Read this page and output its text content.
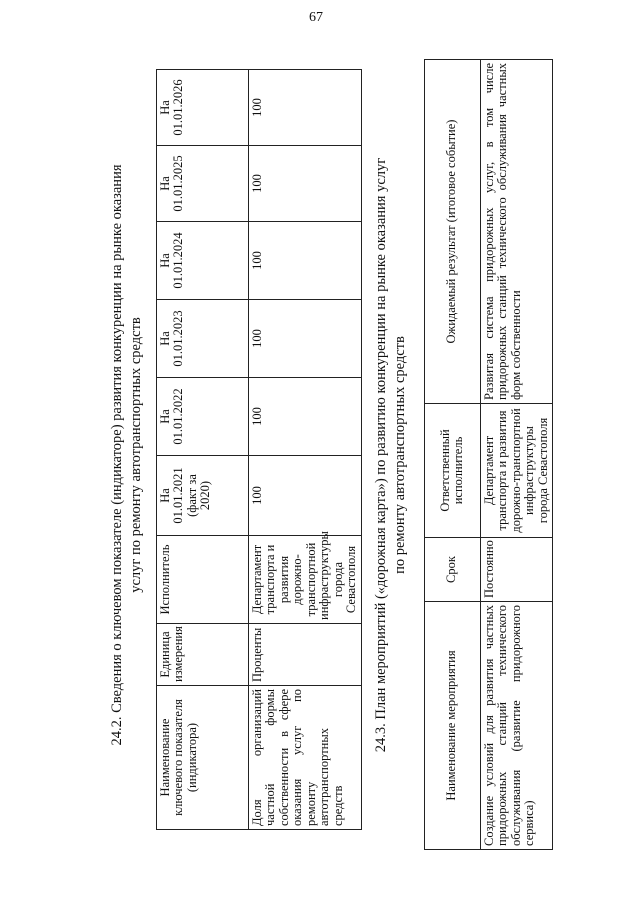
67
24.2. Сведения о ключевом показателе (индикаторе) развития конкуренции на рынке оказания услуг по ремонту автотранспортных средств
Наименование ключевого показателя (индикатора)	Единица измерения	Исполнитель	На 01.01.2021 (факт за 2020)	На 01.01.2022	На 01.01.2023	На 01.01.2024	На 01.01.2025	На 01.01.2026
Доля организаций частной формы собственности в сфере оказания услуг по ремонту автотранспортных средств	Проценты	Департамент транспорта и развития дорожно-транспортной инфраструктуры города Севастополя	100	100	100	100	100	100
24.3. План мероприятий («дорожная карта») по развитию конкуренции на рынке оказания услуг по ремонту автотранспортных средств
Наименование мероприятия	Срок	Ответственный исполнитель	Ожидаемый результат (итоговое событие)
Создание условий для развития частных придорожных станций технического обслуживания (развитие придорожного сервиса)	Постоянно	Департамент транспорта и развития дорожно-транспортной инфраструктуры города Севастополя	Развитая система придорожных услуг, в том числе придорожных станций технического обслуживания частных форм собственности
